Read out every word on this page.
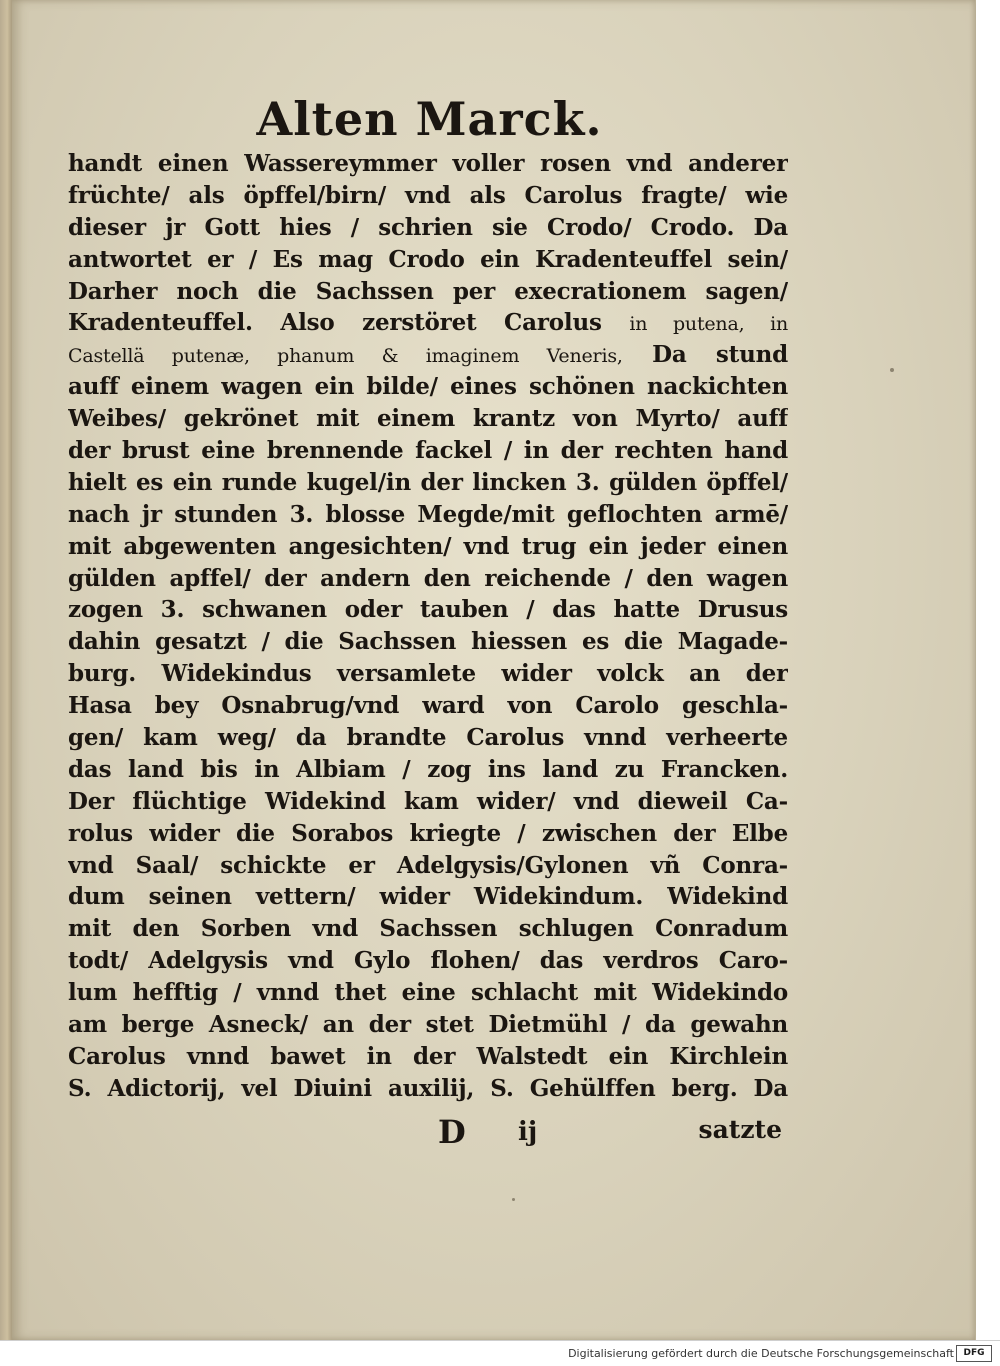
Alten Marck.
handt einen Wassereymmer voller rosen vnd anderer
früchte/ als öpffel/birn/ vnd als Carolus fragte/ wie
dieser jr Gott hies / schrien sie Crodo/ Crodo. Da
antwortet er / Es mag Crodo ein Kradenteuffel sein/
Darher noch die Sachssen per execrationem sagen/
Kradenteuffel. Also zerstöret Carolus in putena, in
Castellä putenæ, phanum & imaginem Veneris, Da stund
auff einem wagen ein bilde/ eines schönen nackichten
Weibes/ gekrönet mit einem krantz von Myrto/ auff
der brust eine brennende fackel / in der rechten hand
hielt es ein runde kugel/in der lincken 3. gülden öpffel/
nach jr stunden 3. blosse Megde/mit geflochten armē/
mit abgewenten angesichten/ vnd trug ein jeder einen
gülden apffel/ der andern den reichende / den wagen
zogen 3. schwanen oder tauben / das hatte Drusus
dahin gesatzt / die Sachssen hiessen es die Magade-
burg. Widekindus versamlete wider volck an der
Hasa bey Osnabrug/vnd ward von Carolo geschla-
gen/ kam weg/ da brandte Carolus vnnd verheerte
das land bis in Albiam / zog ins land zu Francken.
Der flüchtige Widekind kam wider/ vnd dieweil Ca-
rolus wider die Sorabos kriegte / zwischen der Elbe
vnd Saal/ schickte er Adelgysis/Gylonen vñ Conra-
dum seinen vettern/ wider Widekindum. Widekind
mit den Sorben vnd Sachssen schlugen Conradum
todt/ Adelgysis vnd Gylo flohen/ das verdros Caro-
lum hefftig / vnnd thet eine schlacht mit Widekindo
am berge Asneck/ an der stet Dietmühl / da gewahn
Carolus vnnd bawet in der Walstedt ein Kirchlein
S. Adictorij, vel Diuini auxilij, S. Gehülffen berg. Da
D ij	satzte
Digitalisierung gefördert durch die Deutsche Forschungsgemeinschaft	DFG
